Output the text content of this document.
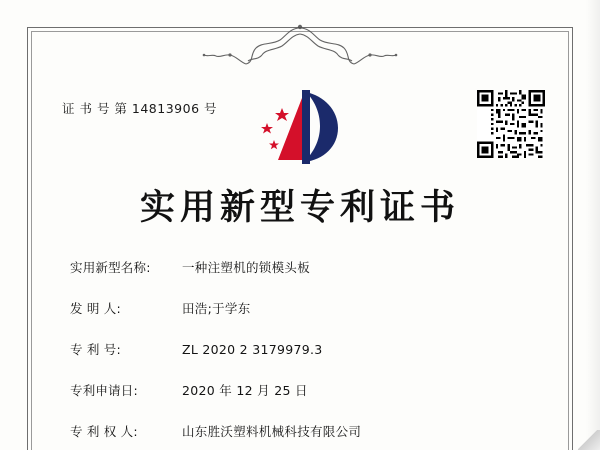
证 书 号 第 14813906 号
实用新型专利证书
实用新型名称:	一种注塑机的锁模头板
发 明 人:	田浩;于学东
专 利 号:	ZL 2020 2 3179979.3
专利申请日:	2020 年 12 月 25 日
专 利 权 人:	山东胜沃塑料机械科技有限公司
